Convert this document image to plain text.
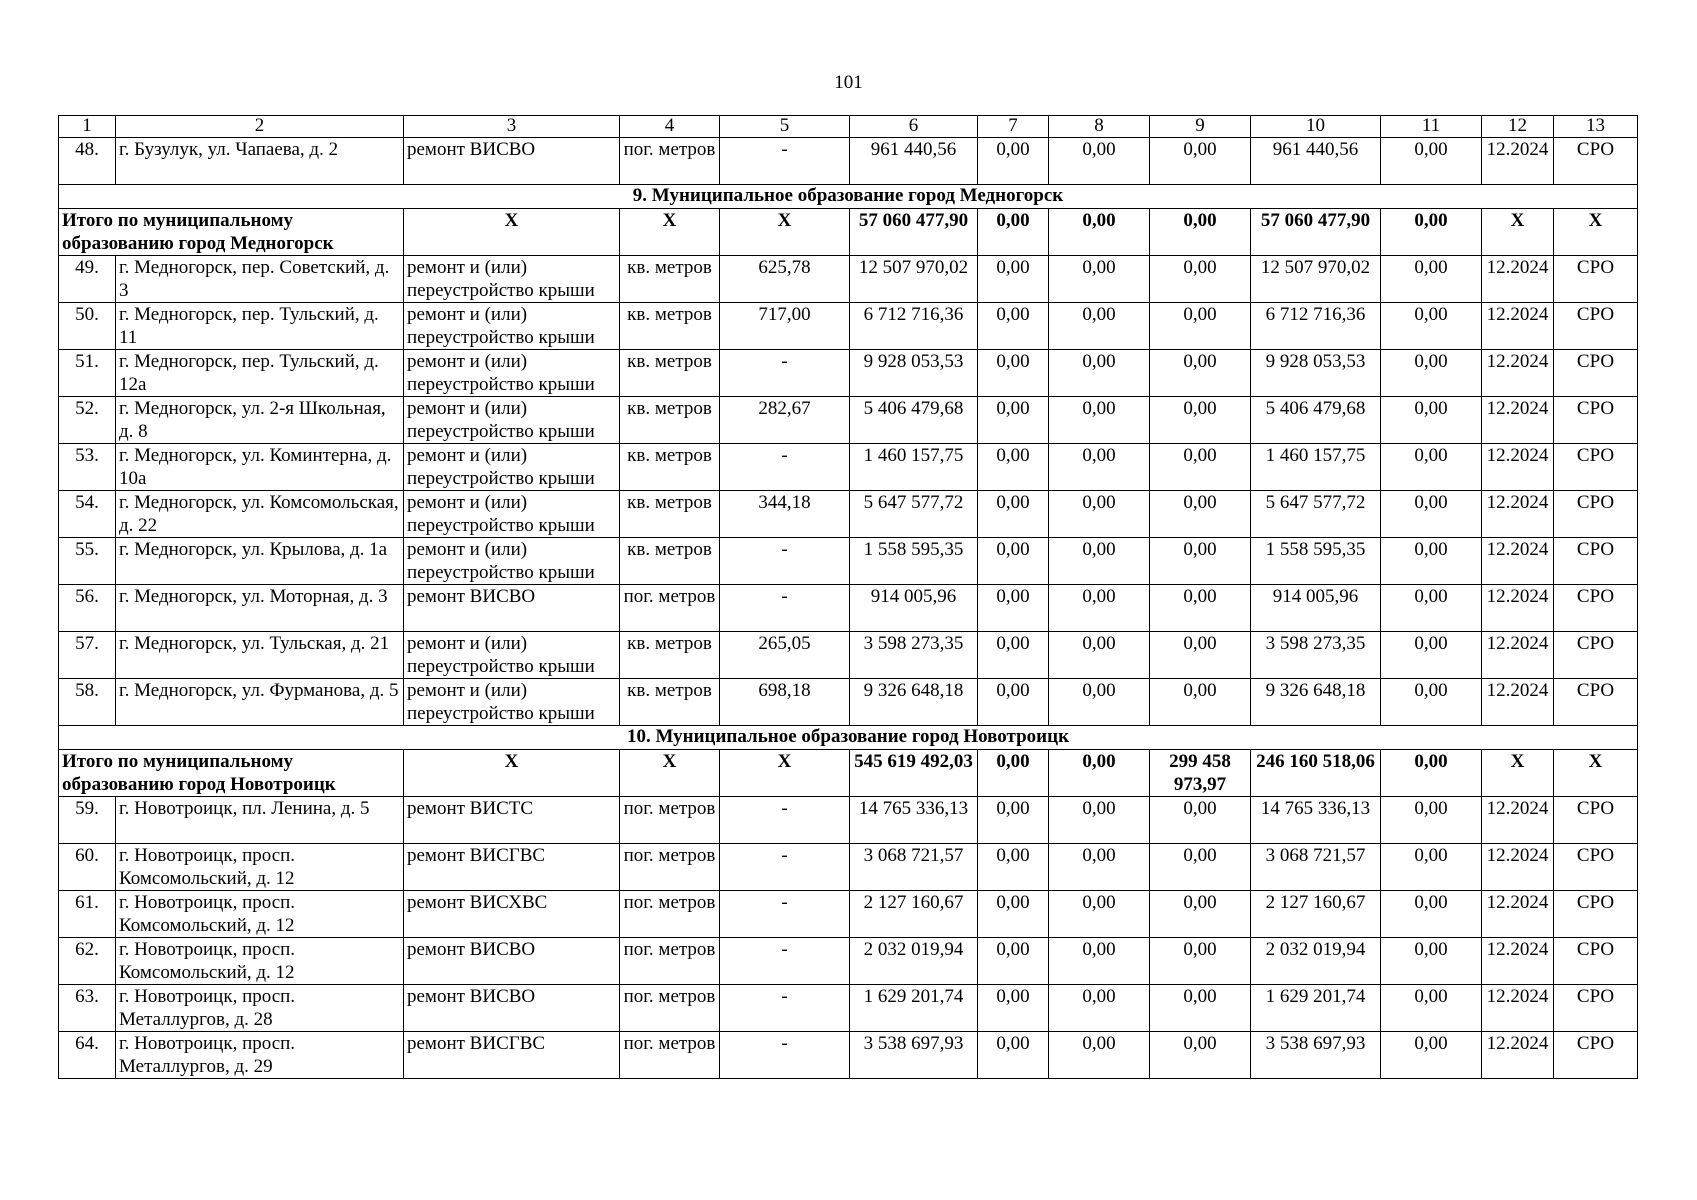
101
1	2	3	4	5	6	7	8	9	10	11	12	13
48.	г. Бузулук, ул. Чапаева, д. 2	ремонт ВИСВО	пог. метров	-	961 440,56	0,00	0,00	0,00	961 440,56	0,00	12.2024	СРО
9. Муниципальное образование город Медногорск												
Итого по муниципальному образованию город Медногорск		Х	Х	Х	57 060 477,90	0,00	0,00	0,00	57 060 477,90	0,00	Х	Х
49.	г. Медногорск, пер. Советский, д. 3	ремонт и (или) переустройство крыши	кв. метров	625,78	12 507 970,02	0,00	0,00	0,00	12 507 970,02	0,00	12.2024	СРО
50.	г. Медногорск, пер. Тульский, д. 11	ремонт и (или) переустройство крыши	кв. метров	717,00	6 712 716,36	0,00	0,00	0,00	6 712 716,36	0,00	12.2024	СРО
51.	г. Медногорск, пер. Тульский, д. 12а	ремонт и (или) переустройство крыши	кв. метров	-	9 928 053,53	0,00	0,00	0,00	9 928 053,53	0,00	12.2024	СРО
52.	г. Медногорск, ул. 2-я Школьная, д. 8	ремонт и (или) переустройство крыши	кв. метров	282,67	5 406 479,68	0,00	0,00	0,00	5 406 479,68	0,00	12.2024	СРО
53.	г. Медногорск, ул. Коминтерна, д. 10а	ремонт и (или) переустройство крыши	кв. метров	-	1 460 157,75	0,00	0,00	0,00	1 460 157,75	0,00	12.2024	СРО
54.	г. Медногорск, ул. Комсомольская, д. 22	ремонт и (или) переустройство крыши	кв. метров	344,18	5 647 577,72	0,00	0,00	0,00	5 647 577,72	0,00	12.2024	СРО
55.	г. Медногорск, ул. Крылова, д. 1а	ремонт и (или) переустройство крыши	кв. метров	-	1 558 595,35	0,00	0,00	0,00	1 558 595,35	0,00	12.2024	СРО
56.	г. Медногорск, ул. Моторная, д. 3	ремонт ВИСВО	пог. метров	-	914 005,96	0,00	0,00	0,00	914 005,96	0,00	12.2024	СРО
57.	г. Медногорск, ул. Тульская, д. 21	ремонт и (или) переустройство крыши	кв. метров	265,05	3 598 273,35	0,00	0,00	0,00	3 598 273,35	0,00	12.2024	СРО
58.	г. Медногорск, ул. Фурманова, д. 5	ремонт и (или) переустройство крыши	кв. метров	698,18	9 326 648,18	0,00	0,00	0,00	9 326 648,18	0,00	12.2024	СРО
10. Муниципальное образование город Новотроицк												
Итого по муниципальному образованию город Новотроицк		Х	Х	Х	545 619 492,03	0,00	0,00	299 458 973,97	246 160 518,06	0,00	Х	Х
59.	г. Новотроицк, пл. Ленина, д. 5	ремонт ВИСТС	пог. метров	-	14 765 336,13	0,00	0,00	0,00	14 765 336,13	0,00	12.2024	СРО
60.	г. Новотроицк, просп. Комсомольский, д. 12	ремонт ВИСГВС	пог. метров	-	3 068 721,57	0,00	0,00	0,00	3 068 721,57	0,00	12.2024	СРО
61.	г. Новотроицк, просп. Комсомольский, д. 12	ремонт ВИСХВС	пог. метров	-	2 127 160,67	0,00	0,00	0,00	2 127 160,67	0,00	12.2024	СРО
62.	г. Новотроицк, просп. Комсомольский, д. 12	ремонт ВИСВО	пог. метров	-	2 032 019,94	0,00	0,00	0,00	2 032 019,94	0,00	12.2024	СРО
63.	г. Новотроицк, просп. Металлургов, д. 28	ремонт ВИСВО	пог. метров	-	1 629 201,74	0,00	0,00	0,00	1 629 201,74	0,00	12.2024	СРО
64.	г. Новотроицк, просп. Металлургов, д. 29	ремонт ВИСГВС	пог. метров	-	3 538 697,93	0,00	0,00	0,00	3 538 697,93	0,00	12.2024	СРО
